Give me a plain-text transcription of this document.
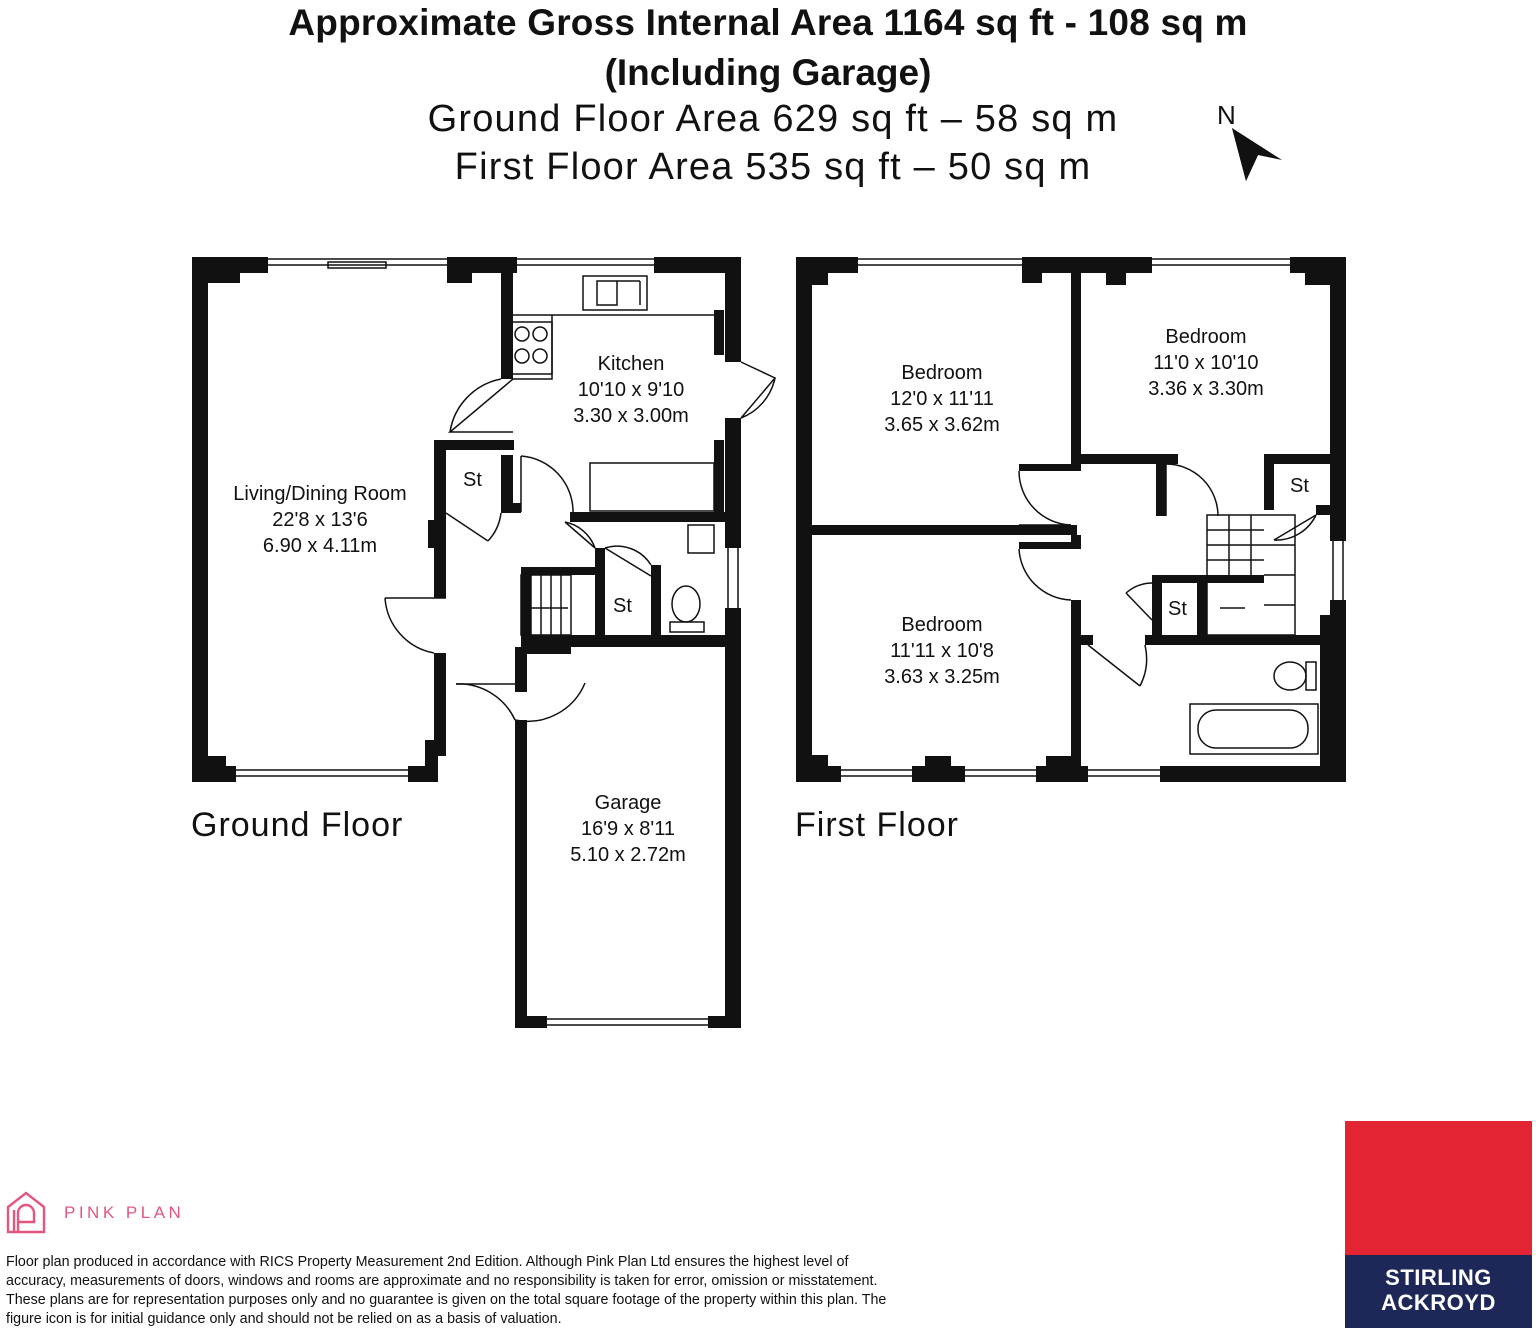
Approximate Gross Internal Area 1164 sq ft - 108 sq m
(Including Garage)
Ground Floor Area 629 sq ft – 58 sq m
First Floor Area 535 sq ft – 50 sq m
N
Living/Dining Room
22'8 x 13'6
6.90 x 4.11m
Kitchen
10'10 x 9'10
3.30 x 3.00m
Garage
16'9 x 8'11
5.10 x 2.72m
St
St
Ground Floor
Bedroom
12'0 x 11'11
3.65 x 3.62m
Bedroom
11'0 x 10'10
3.36 x 3.30m
Bedroom
11'11 x 10'8
3.63 x 3.25m
St
St
First Floor
PINK PLAN
Floor plan produced in accordance with RICS Property Measurement 2nd Edition. Although Pink Plan Ltd ensures the highest level of accuracy, measurements of doors, windows and rooms are approximate and no responsibility is taken for error, omission or misstatement. These plans are for representation purposes only and no guarantee is given on the total square footage of the property within this plan. The figure icon is for initial guidance only and should not be relied on as a basis of valuation.
STIRLING
ACKROYD
